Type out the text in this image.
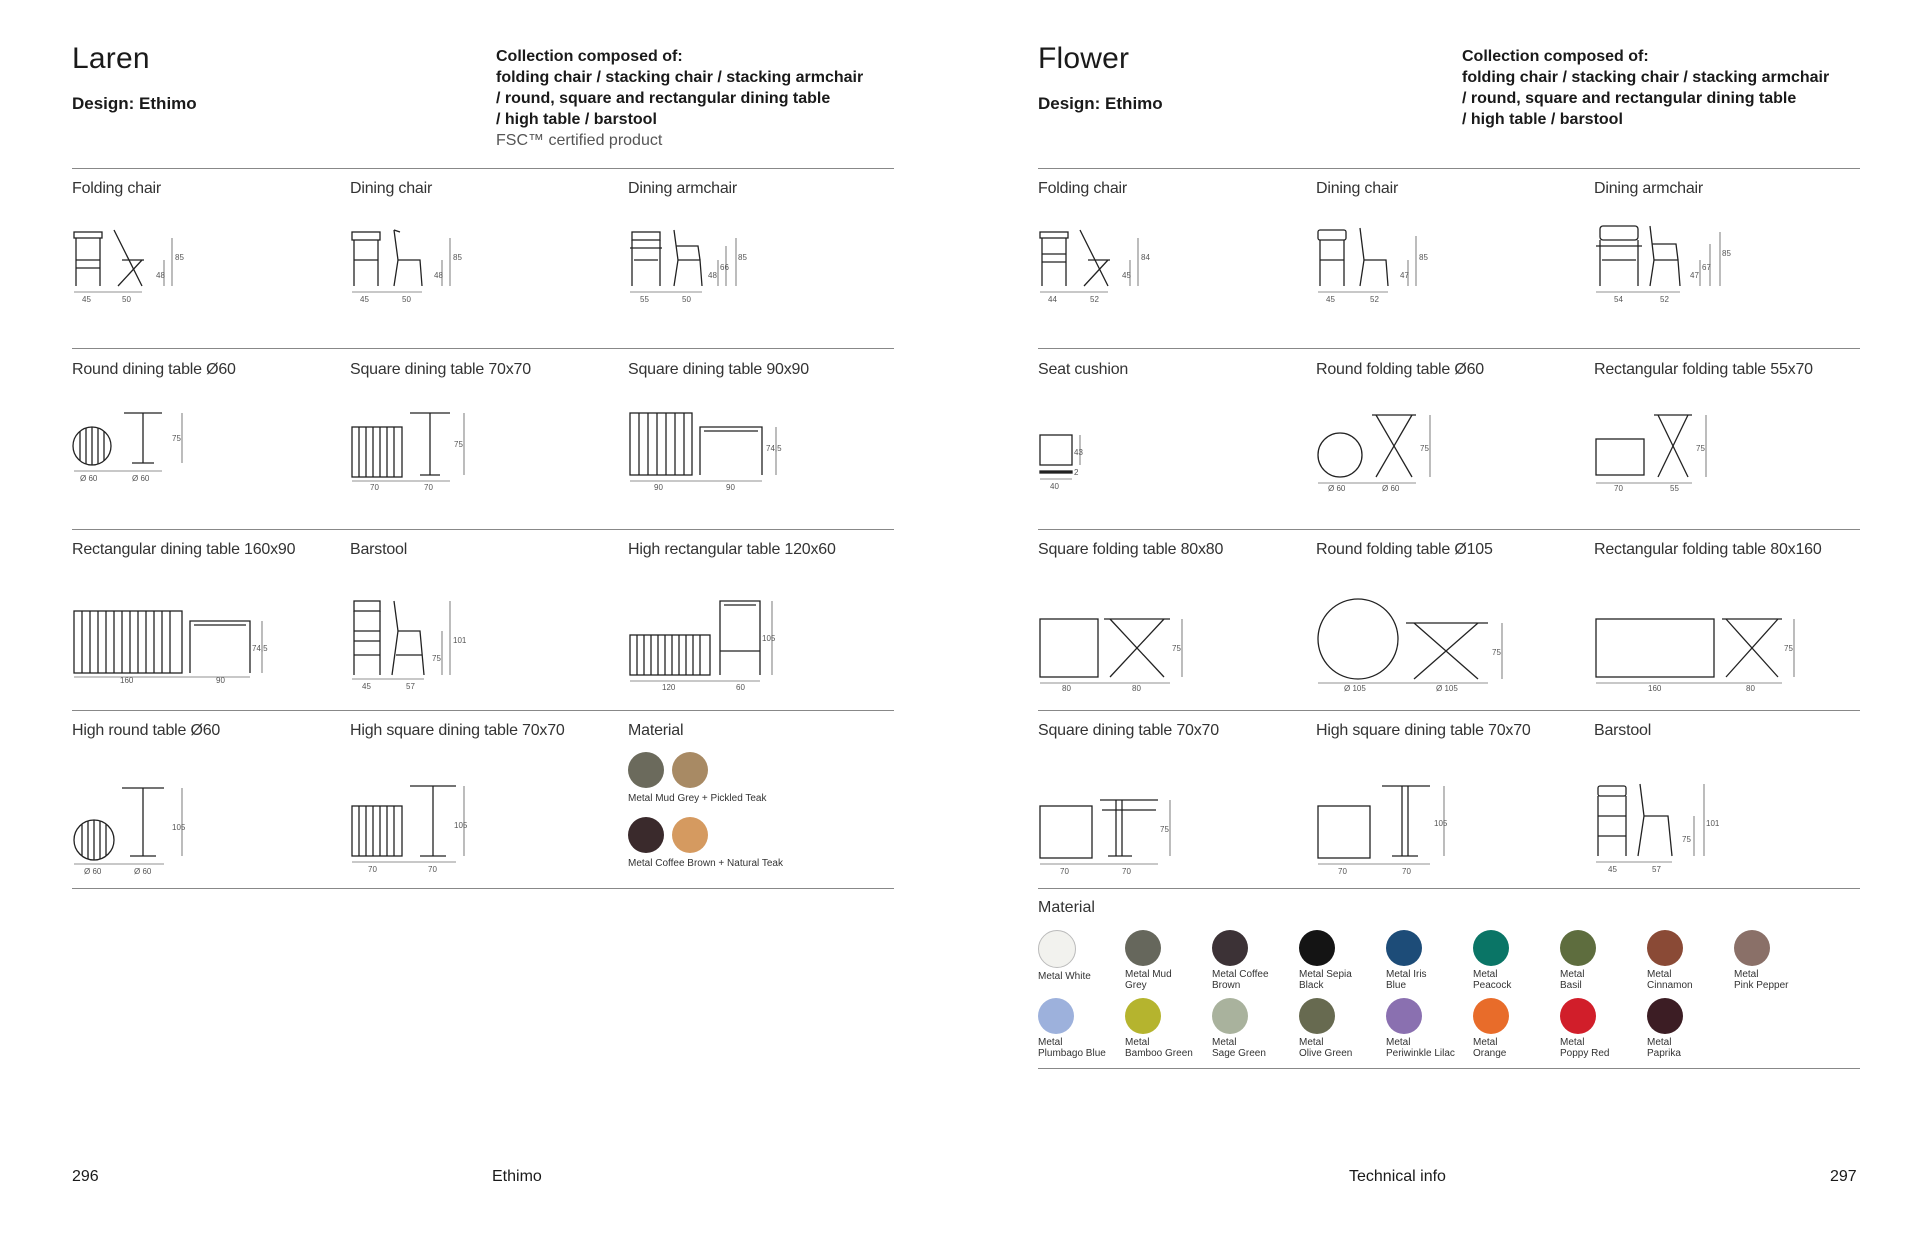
Laren
Design: Ethimo
Collection composed of:
folding chair / stacking chair / stacking armchair
/ round, square and rectangular dining table
/ high table / barstool
FSC™ certified product
Folding chair
45	50
48
85
Dining chair
45	50
48
85
Dining armchair
55	50
48
66
85
Round dining table Ø60
Ø 60	Ø 60
75
Square dining table 70x70
70	70
75
Square dining table 90x90
90	90
74,5
Rectangular dining table 160x90
160	90
74,5
Barstool
45	57
75
101
High rectangular table 120x60
120	60
105
High round table Ø60
Ø 60	Ø 60
105
High square dining table 70x70
70	70
105
Material

Metal Mud Grey + Pickled Teak

Metal Coffee Brown + Natural Teak
296	Ethimo
Flower
Design: Ethimo
Collection composed of:
folding chair / stacking chair / stacking armchair
/ round, square and rectangular dining table
/ high table / barstool
Folding chair
44	52
45
84
Dining chair
45	52
47
85
Dining armchair
54	52
47
67
85
Seat cushion
40
43
2
Round folding table Ø60
Ø 60	Ø 60
75
Rectangular folding table 55x70
70	55
75
Square folding table 80x80
80	80
75
Round folding table Ø105
Ø 105	Ø 105
75
Rectangular folding table 80x160
160	80
75
Square dining table 70x70
70	70
75
High square dining table 70x70
70	70
105
Barstool
45	57
75
101
Material
Metal White	Metal Mud
Grey
Metal Coffee
Brown
Metal Sepia
Black
Metal Iris
Blue
Metal
Peacock
Metal
Basil
Metal
Cinnamon
Metal
Pink Pepper
Metal
Plumbago Blue
Metal
Bamboo Green
Metal
Sage Green
Metal
Olive Green
Metal
Periwinkle Lilac
Metal
Orange
Metal
Poppy Red
Metal
Paprika
Technical info	297
